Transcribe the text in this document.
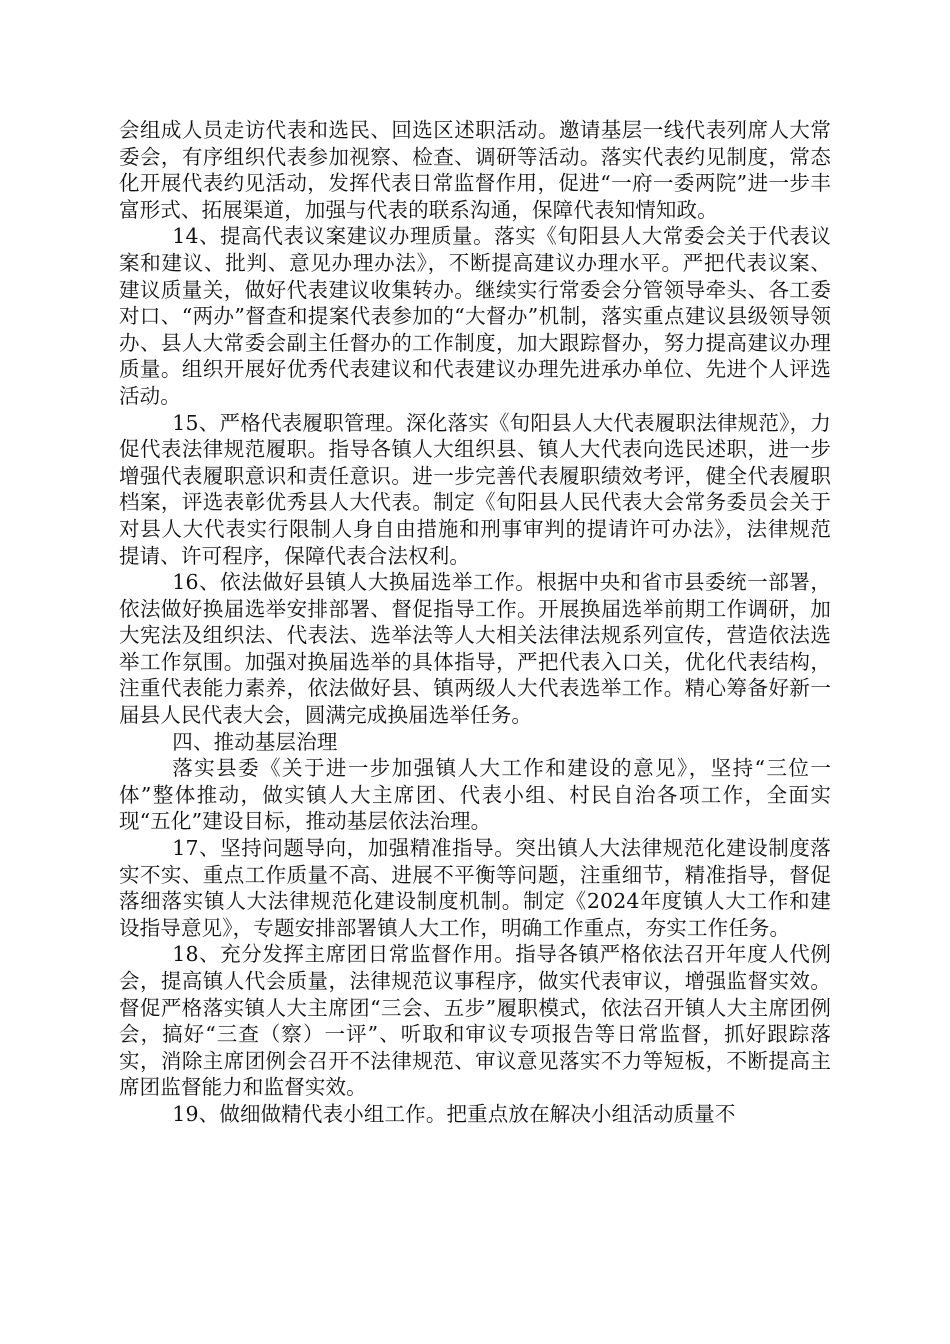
会组成人员走访代表和选民、回选区述职活动。邀请基层一线代表列席人大常委会，有序组织代表参加视察、检查、调研等活动。落实代表约见制度，常态化开展代表约见活动，发挥代表日常监督作用，促进“一府一委两院”进一步丰富形式、拓展渠道，加强与代表的联系沟通，保障代表知情知政。

14、提高代表议案建议办理质量。落实《旬阳县人大常委会关于代表议案和建议、批判、意见办理办法》，不断提高建议办理水平。严把代表议案、建议质量关，做好代表建议收集转办。继续实行常委会分管领导牵头、各工委对口、“两办”督查和提案代表参加的“大督办”机制，落实重点建议县级领导领办、县人大常委会副主任督办的工作制度，加大跟踪督办，努力提高建议办理质量。组织开展好优秀代表建议和代表建议办理先进承办单位、先进个人评选活动。

15、严格代表履职管理。深化落实《旬阳县人大代表履职法律规范》，力促代表法律规范履职。指导各镇人大组织县、镇人大代表向选民述职，进一步增强代表履职意识和责任意识。进一步完善代表履职绩效考评，健全代表履职档案，评选表彰优秀县人大代表。制定《旬阳县人民代表大会常务委员会关于对县人大代表实行限制人身自由措施和刑事审判的提请许可办法》，法律规范提请、许可程序，保障代表合法权利。

16、依法做好县镇人大换届选举工作。根据中央和省市县委统一部署，依法做好换届选举安排部署、督促指导工作。开展换届选举前期工作调研，加大宪法及组织法、代表法、选举法等人大相关法律法规系列宣传，营造依法选举工作氛围。加强对换届选举的具体指导，严把代表入口关，优化代表结构，注重代表能力素养，依法做好县、镇两级人大代表选举工作。精心筹备好新一届县人民代表大会，圆满完成换届选举任务。

四、推动基层治理

落实县委《关于进一步加强镇人大工作和建设的意见》，坚持“三位一体”整体推动，做实镇人大主席团、代表小组、村民自治各项工作，全面实现“五化”建设目标，推动基层依法治理。

17、坚持问题导向，加强精准指导。突出镇人大法律规范化建设制度落实不实、重点工作质量不高、进展不平衡等问题，注重细节，精准指导，督促落细落实镇人大法律规范化建设制度机制。制定《2024年度镇人大工作和建设指导意见》，专题安排部署镇人大工作，明确工作重点，夯实工作任务。

18、充分发挥主席团日常监督作用。指导各镇严格依法召开年度人代例会，提高镇人代会质量，法律规范议事程序，做实代表审议，增强监督实效。督促严格落实镇人大主席团“三会、五步”履职模式，依法召开镇人大主席团例会，搞好“三查（察）一评”、听取和审议专项报告等日常监督，抓好跟踪落实，消除主席团例会召开不法律规范、审议意见落实不力等短板，不断提高主席团监督能力和监督实效。

19、做细做精代表小组工作。把重点放在解决小组活动质量不
